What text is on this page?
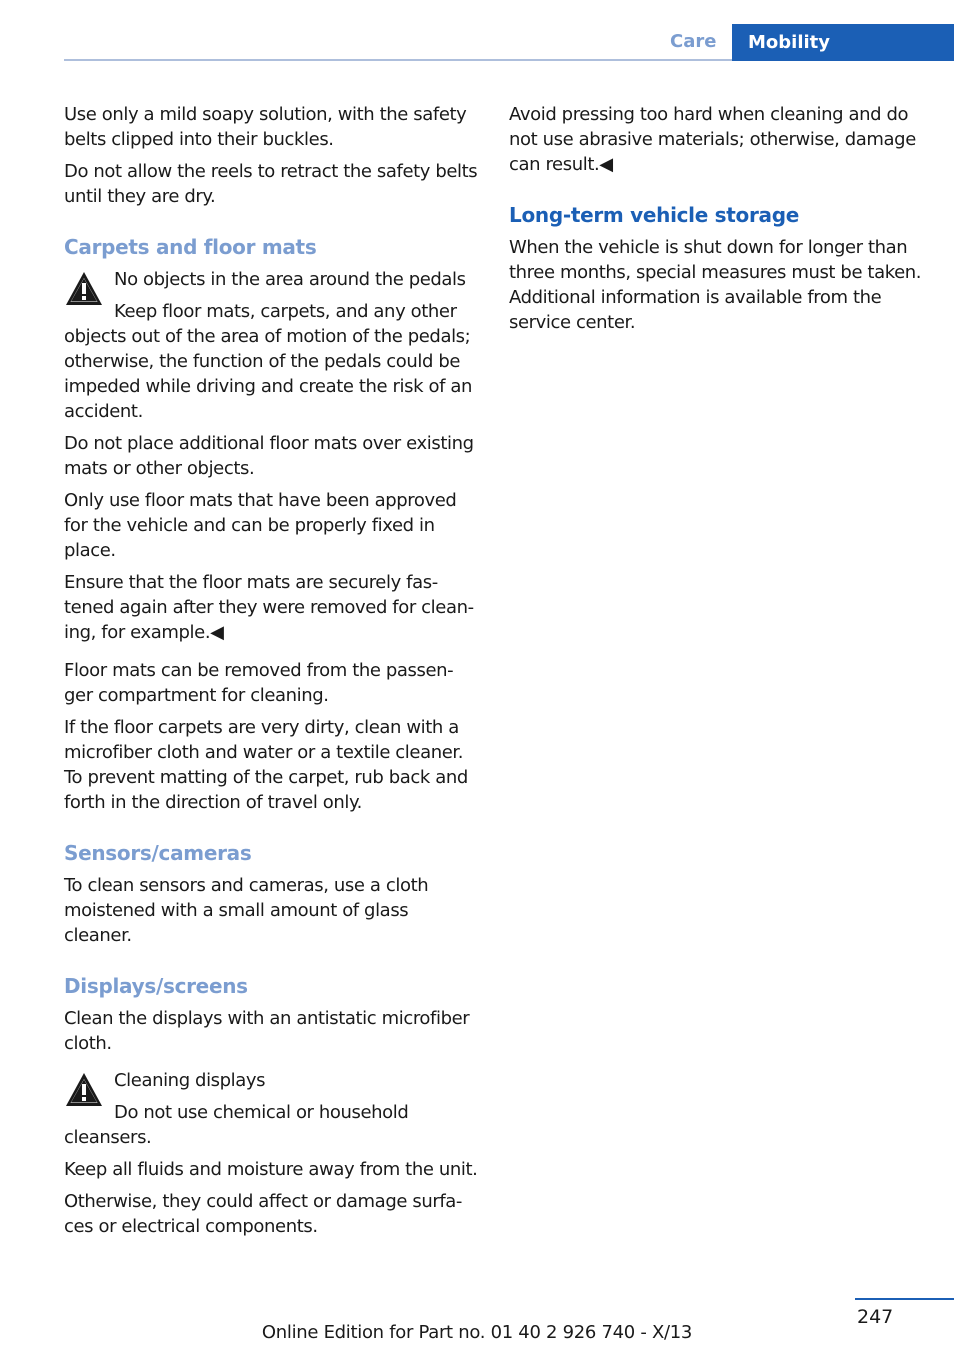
Care	Mobility

Use only a mild soapy solution, with the safety belts clipped into their buckles.

Do not allow the reels to retract the safety belts until they are dry.

Carpets and floor mats

No objects in the area around the pedals

Keep floor mats, carpets, and any other objects out of the area of motion of the pedals; otherwise, the function of the pedals could be impeded while driving and create the risk of an accident.

Do not place additional floor mats over existing mats or other objects.

Only use floor mats that have been approved for the vehicle and can be properly fixed in place.

Ensure that the floor mats are securely fas‐tened again after they were removed for clean‐ing, for example.◀

Floor mats can be removed from the passen‐ger compartment for cleaning.

If the floor carpets are very dirty, clean with a microfiber cloth and water or a textile cleaner. To prevent matting of the carpet, rub back and forth in the direction of travel only.

Sensors/cameras

To clean sensors and cameras, use a cloth moistened with a small amount of glass cleaner.

Displays/screens

Clean the displays with an antistatic microfiber cloth.

Cleaning displays

Do not use chemical or household cleansers.

Keep all fluids and moisture away from the unit.

Otherwise, they could affect or damage surfa‐ces or electrical components.

Avoid pressing too hard when cleaning and do not use abrasive materials; otherwise, damage can result.◀

Long-term vehicle storage

When the vehicle is shut down for longer than three months, special measures must be taken. Additional information is available from the service center.

247
Online Edition for Part no. 01 40 2 926 740 - X/13
